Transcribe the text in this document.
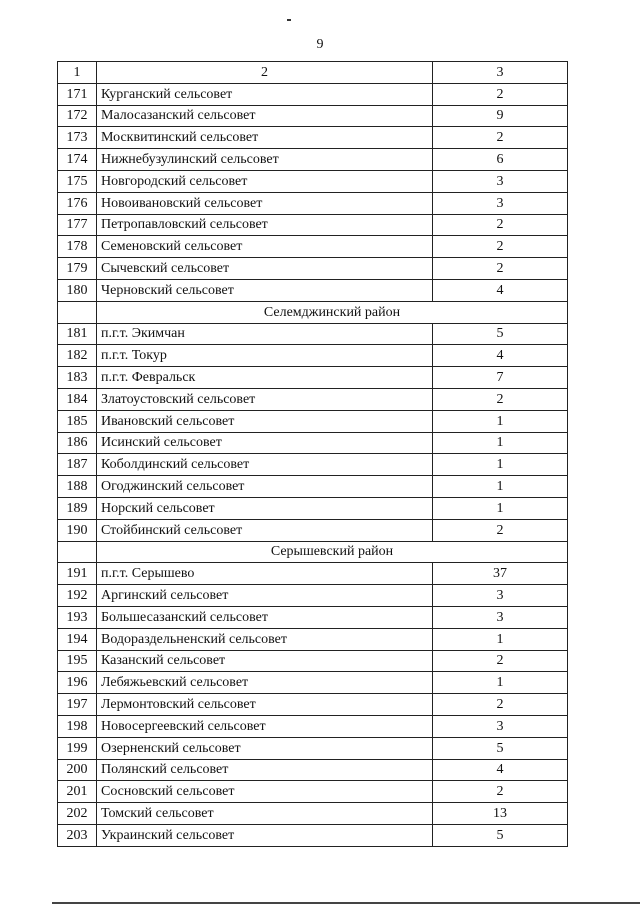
9
1	2	3
171	Курганский сельсовет	2
172	Малосазанский сельсовет	9
173	Москвитинский сельсовет	2
174	Нижнебузулинский сельсовет	6
175	Новгородский сельсовет	3
176	Новоивановский сельсовет	3
177	Петропавловский сельсовет	2
178	Семеновский сельсовет	2
179	Сычевский сельсовет	2
180	Черновский сельсовет	4
	Селемджинский район	
181	п.г.т. Экимчан	5
182	п.г.т. Токур	4
183	п.г.т. Февральск	7
184	Златоустовский сельсовет	2
185	Ивановский сельсовет	1
186	Исинский сельсовет	1
187	Коболдинский сельсовет	1
188	Огоджинский сельсовет	1
189	Норский сельсовет	1
190	Стойбинский сельсовет	2
	Серышевский район	
191	п.г.т. Серышево	37
192	Аргинский сельсовет	3
193	Большесазанский сельсовет	3
194	Водораздельненский сельсовет	1
195	Казанский сельсовет	2
196	Лебяжьевский сельсовет	1
197	Лермонтовский сельсовет	2
198	Новосергеевский сельсовет	3
199	Озерненский сельсовет	5
200	Полянский сельсовет	4
201	Сосновский сельсовет	2
202	Томский сельсовет	13
203	Украинский сельсовет	5
